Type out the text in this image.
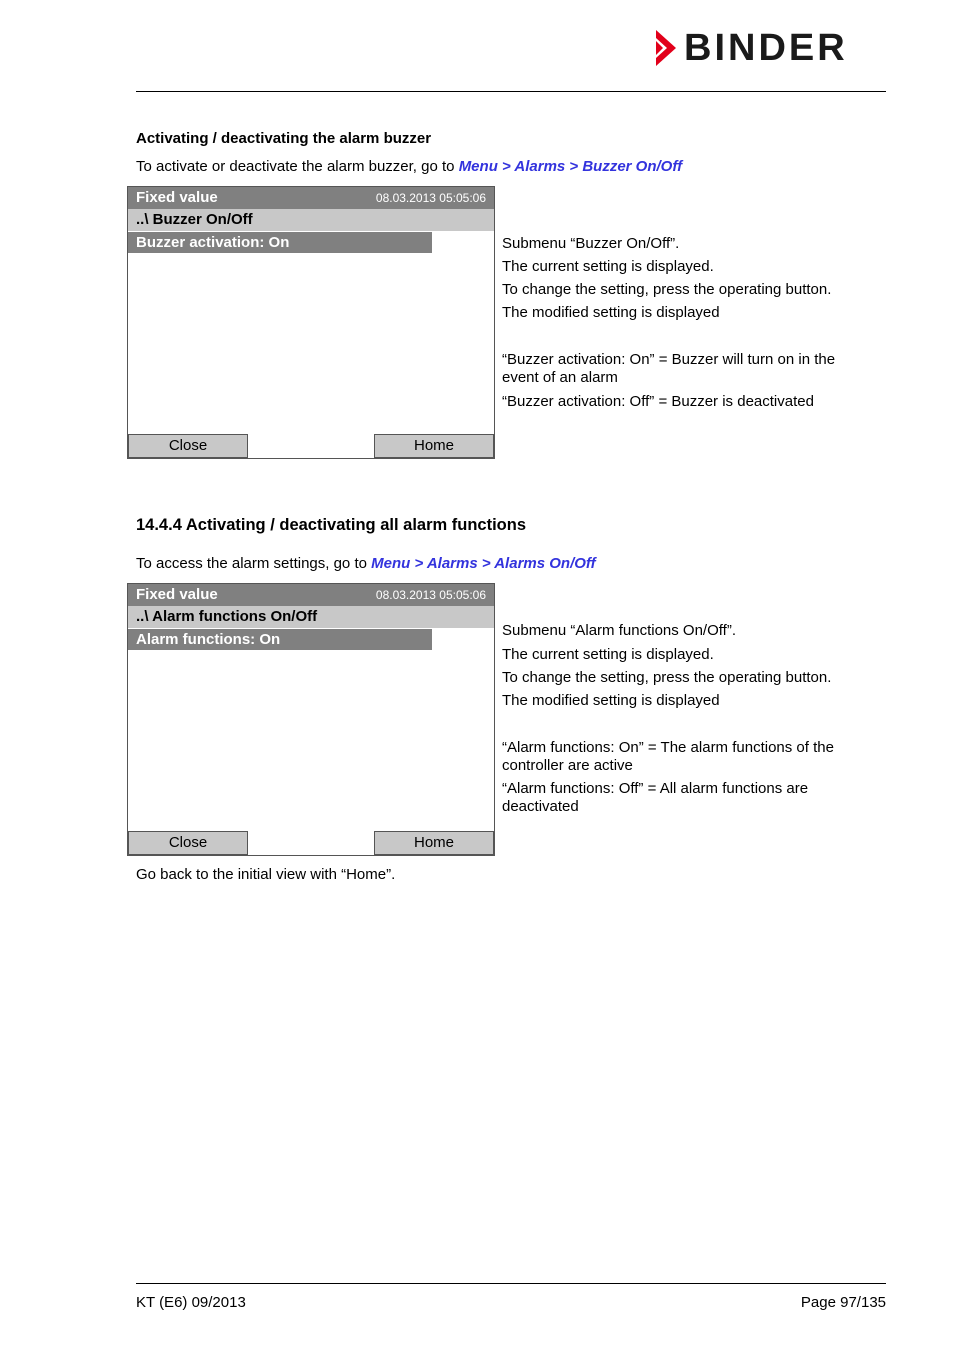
BINDER
Activating / deactivating the alarm buzzer
To activate or deactivate the alarm buzzer, go to Menu > Alarms > Buzzer On/Off
Fixed value	08.03.2013 05:05:06
..\ Buzzer On/Off
Buzzer activation: On
Close	Home
Submenu “Buzzer On/Off”.
The current setting is displayed.
To change the setting, press the operating button.
The modified setting is displayed
“Buzzer activation: On” = Buzzer will turn on in the event of an alarm
“Buzzer activation: Off” = Buzzer is deactivated
14.4.4 Activating / deactivating all alarm functions
To access the alarm settings, go to Menu > Alarms > Alarms On/Off
Fixed value	08.03.2013 05:05:06
..\ Alarm functions On/Off
Alarm functions: On
Close	Home
Submenu “Alarm functions On/Off”.
The current setting is displayed.
To change the setting, press the operating button.
The modified setting is displayed
“Alarm functions: On” = The alarm functions of the controller are active
“Alarm functions: Off” = All alarm functions are deactivated
Go back to the initial view with “Home”.
KT (E6) 09/2013	Page 97/135
